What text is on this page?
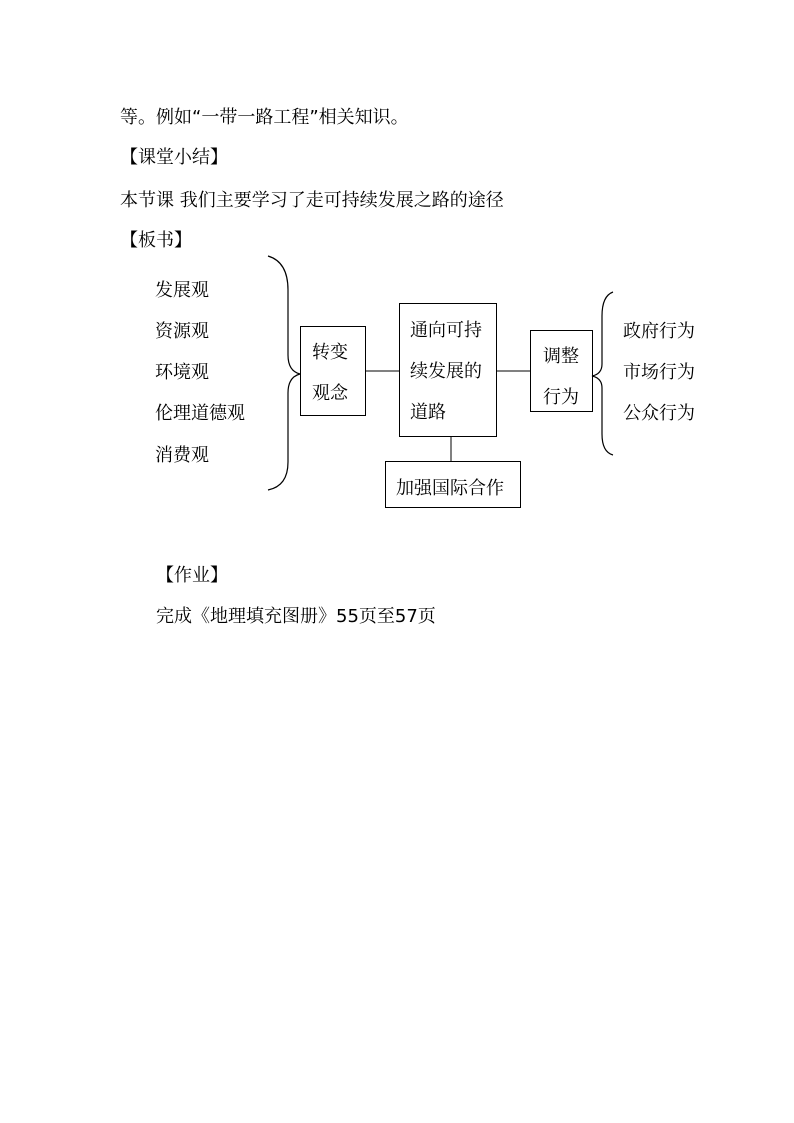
等。例如“一带一路工程”相关知识。
【课堂小结】
本节课 我们主要学习了走可持续发展之路的途径
【板书】
发展观
资源观
环境观
伦理道德观
消费观
转变
观念
通向可持
续发展的
道路
调整
行为
加强国际合作
政府行为
市场行为
公众行为
【作业】
完成《地理填充图册》55页至57页
